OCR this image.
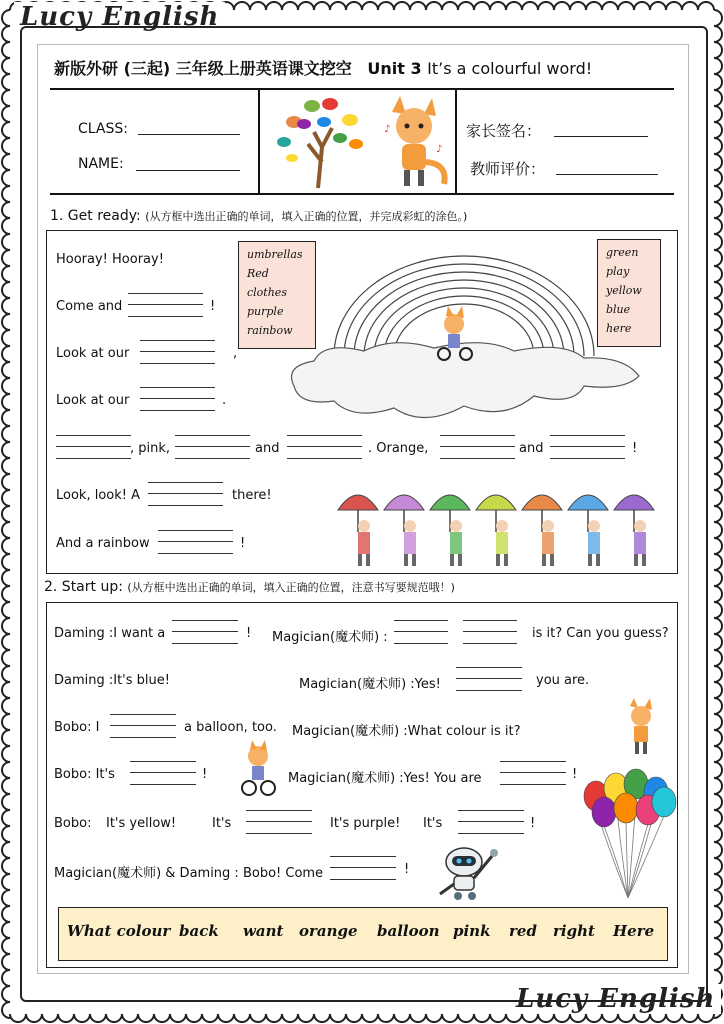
Lucy English
Lucy English
新版外研 (三起) 三年级上册英语课文挖空 Unit 3 It’s a colourful word!
CLASS:
NAME:
家长签名：
教师评价：
♪
♪
1. Get ready: (从方框中选出正确的单词，填入正确的位置，并完成彩虹的涂色。)
Hooray! Hooray!
Come and	!
Look at our	,
Look at our	.
, pink,	and	. Orange,	and	!
Look, look! A	there!
And a rainbow	!
umbrellas
Red
clothes
purple
rainbow
green
play
yellow
blue
here
2. Start up: (从方框中选出正确的单词，填入正确的位置，注意书写要规范哦！)
Daming :I want a	! Magician(魔术师) :	is it? Can you guess?
Daming :It's blue!	Magician(魔术师) :Yes!	you are.
Bobo: I	a balloon, too. Magician(魔术师) :What colour is it?
Bobo: It's	!	Magician(魔术师) :Yes! You are	!
Bobo: It's yellow!	It's	It's purple! It's	!
Magician(魔术师) & Daming : Bobo! Come	!
What colour back want orange balloon pink red right Here
